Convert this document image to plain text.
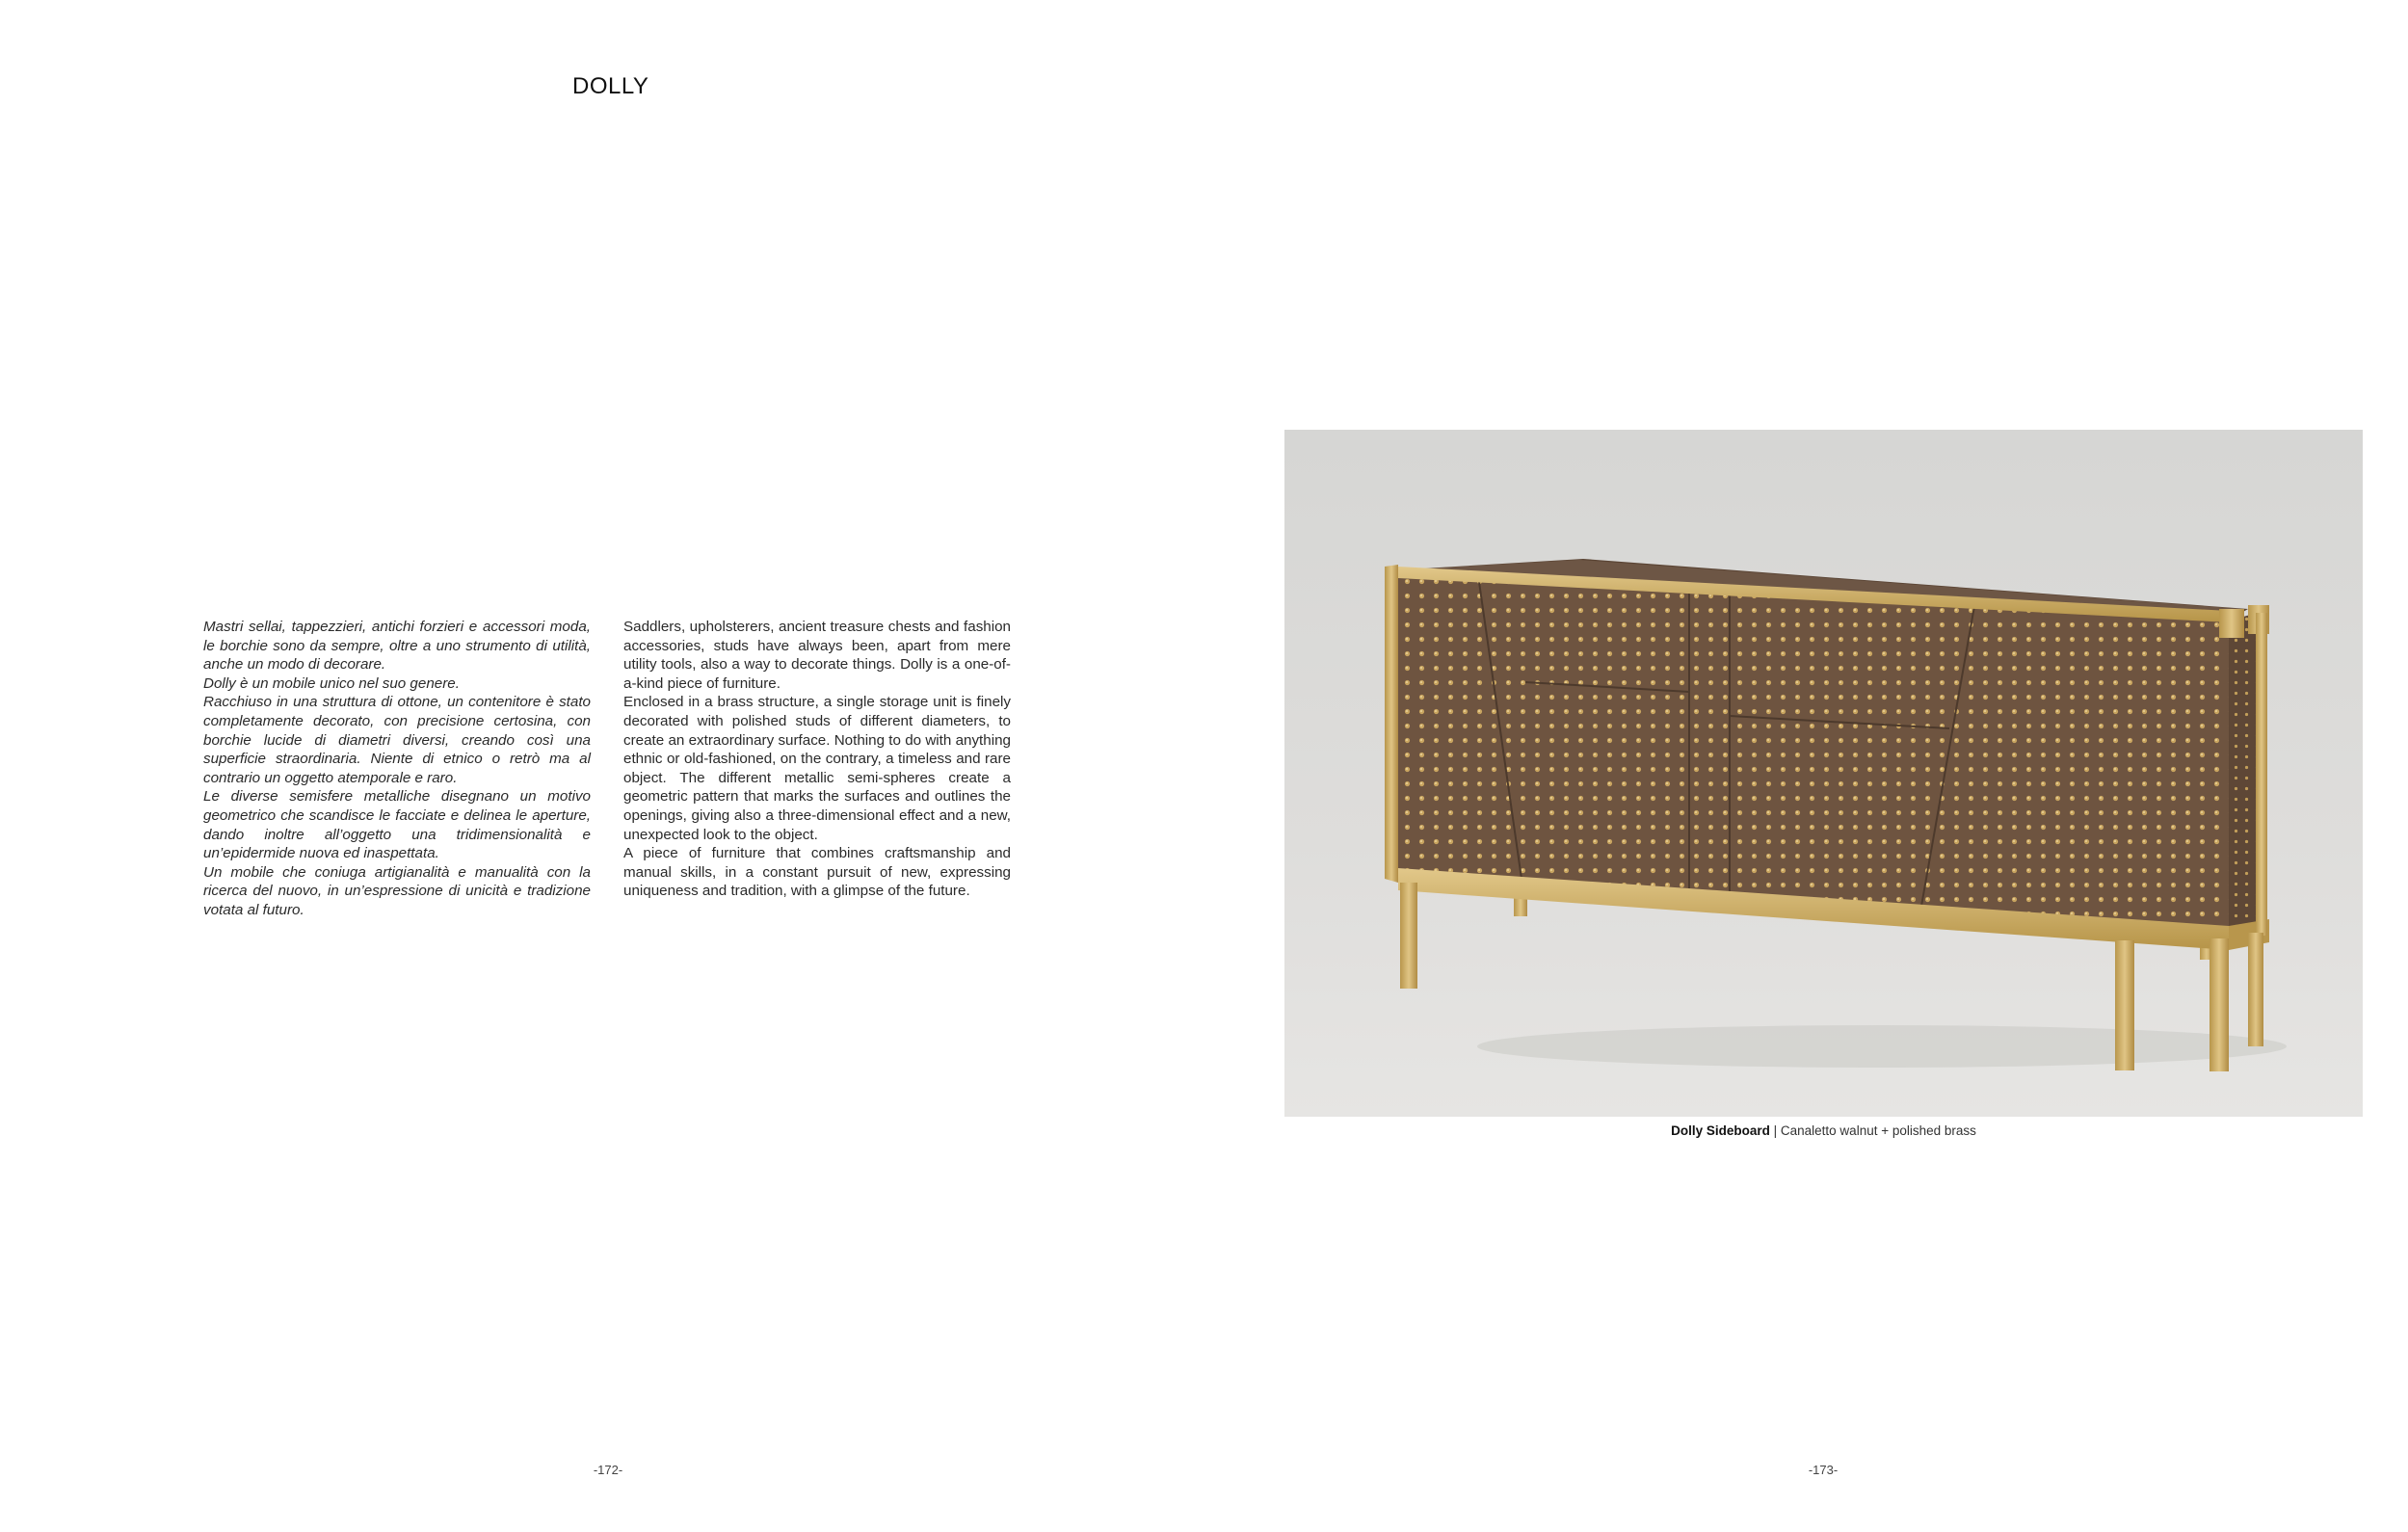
DOLLY

Mastri sellai, tappezzieri, antichi forzieri e accessori moda, le borchie sono da sempre, oltre a uno strumento di utilità, anche un modo di decorare.

Dolly è un mobile unico nel suo genere.

Racchiuso in una struttura di ottone, un contenitore è stato completamente decorato, con precisione certosina, con borchie lucide di diametri diversi, creando così una superficie straordinaria. Niente di etnico o retrò ma al contrario un oggetto atemporale e raro.

Le diverse semisfere metalliche disegnano un motivo geometrico che scandisce le facciate e delinea le aperture, dando inoltre all’oggetto una tridimensionalità e un’epidermide nuova ed inaspettata.

Un mobile che coniuga artigianalità e manualità con la ricerca del nuovo, in un’espressione di unicità e tradizione votata al futuro.

Saddlers, upholsterers, ancient treasure chests and fashion accessories, studs have always been, apart from mere utility tools, also a way to decorate things. Dolly is a one-of-a-kind piece of furniture.

Enclosed in a brass structure, a single storage unit is finely decorated with polished studs of different diameters, to create an extraordinary surface. Nothing to do with anything ethnic or old-fashioned, on the contrary, a timeless and rare object. The different metallic semi-spheres create a geometric pattern that marks the surfaces and outlines the openings, giving also a three-dimensional effect and a new, unexpected look to the object.

A piece of furniture that combines craftsmanship and manual skills, in a constant pursuit of new, expressing uniqueness and tradition, with a glimpse of the future.

Dolly Sideboard | Canaletto walnut + polished brass
-172-	-173-
